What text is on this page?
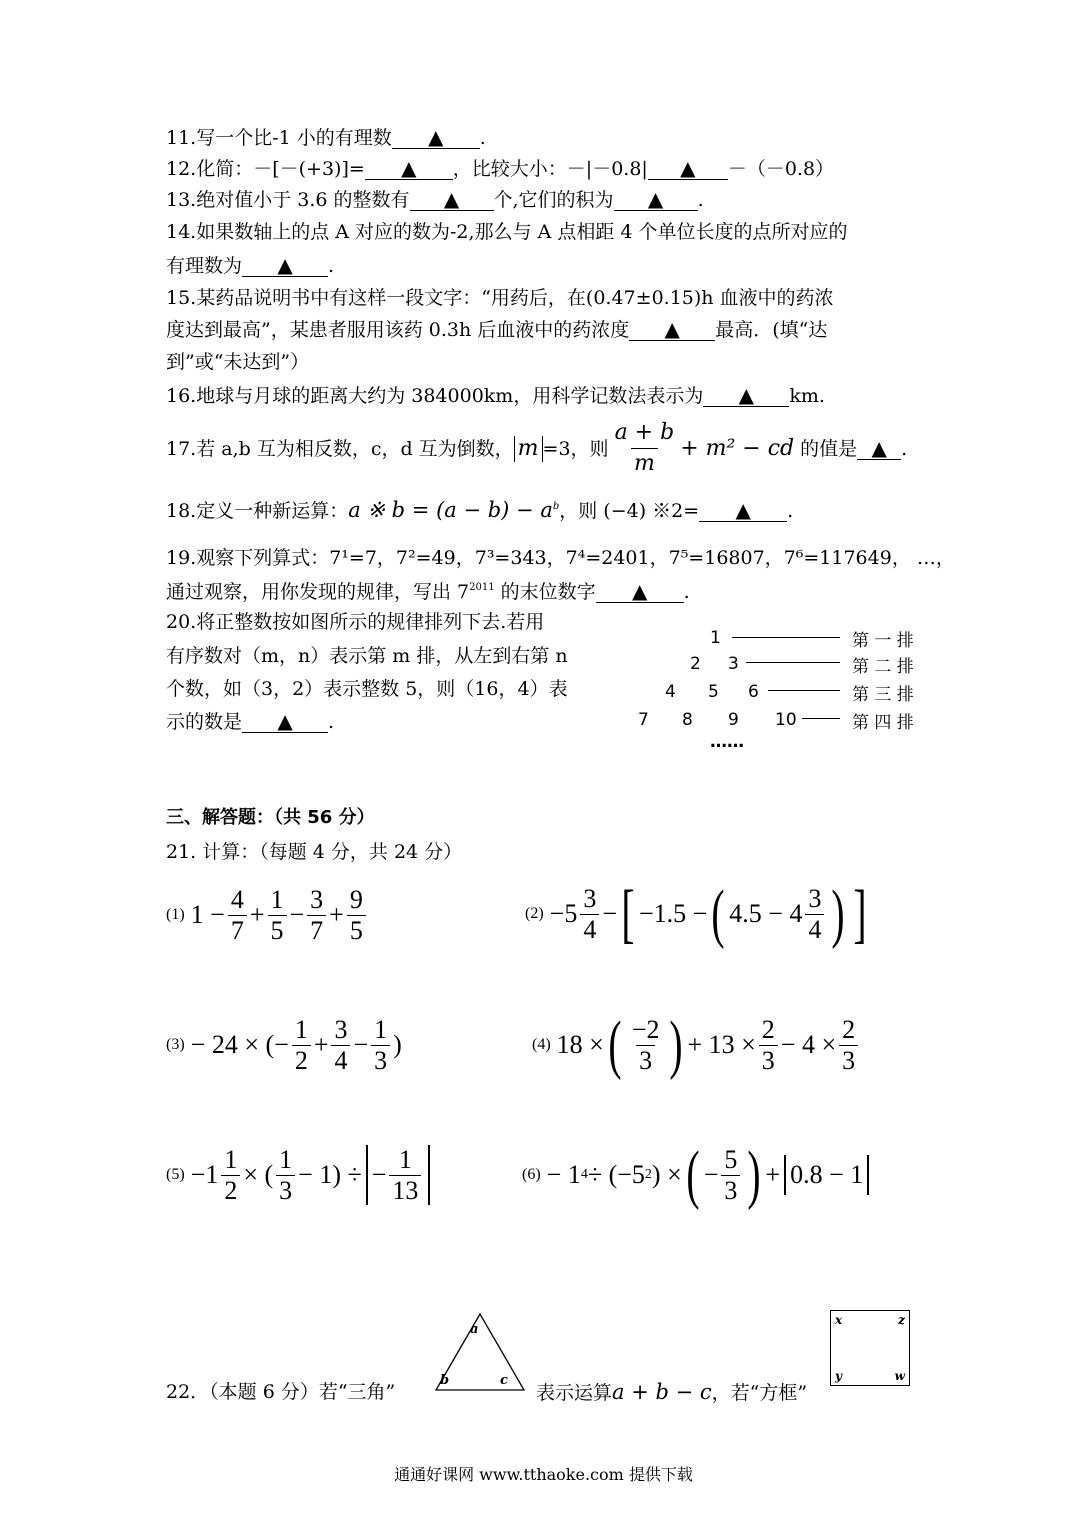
11.写一个比-1 小的有理数 ▲ .
12.化简：－[－(+3)]= ▲ ，比较大小：－|－0.8| ▲ －（－0.8）
13.绝对值小于 3.6 的整数有 ▲ 个,它们的积为 ▲ .
14.如果数轴上的点 A 对应的数为-2,那么与 A 点相距 4 个单位长度的点所对应的
有理数为 ▲ .
15.某药品说明书中有这样一段文字：“用药后，在(0.47±0.15)h 血液中的药浓
度达到最高”，某患者服用该药 0.3h 后血液中的药浓度 ▲ 最高．(填“达
到”或“未达到”）
16.地球与月球的距离大约为 384000km，用科学记数法表示为 ▲ km.
17.若 a,b 互为相反数，c，d 互为倒数， m =3，则 $\frac{a + b}{m} + m^2$ − cd 的值是 ▲ .
18.定义一种新运算：a ※ $b = (a - b) - a^b$，则 (−4) ※2= ▲ .
19.观察下列算式：7¹=7，7²=49，7³=343，7⁴=2401，7⁵=16807，7⁶=117649， …，
通过观察，用你发现的规律，写出 $7^{2011}$ 的末位数字 ▲ .
20.将正整数按如图所示的规律排列下去.若用
有序数对（m，n）表示第 m 排，从左到右第 n
个数，如（3，2）表示整数 5，则（16，4）表
示的数是 ▲ .
1
2 3
4 5 6
7 8 9 10
第 一 排
第 二 排
第 三 排
第 四 排
……
三、解答题：（共 56 分）
21. 计算：（每题 4 分，共 24 分）
(1) $1 - \frac{4}{7} + \frac{1}{5} - \frac{3}{7} + \frac{9}{5}$	$(2) -5 \frac{3}{4}$ − [ −1.5 − ( $4.5 - 4 \frac{3}{4}$ ) ]
(3) − 24 × (− $\frac{1}{2} + \frac{3}{4} - \frac{1}{3}$ )	(4) 18 × ( $\frac{-2}{3}$ ) + $13 \times \frac{2}{3} - 4 \times \frac{2}{3}$
$(5) -1 \frac{1}{2}$ × ( $\frac{1}{3} - 1$) ÷ − $\frac{1}{13}$	(6) − 1 4 ÷ (−5 2 ) × ( − $\frac{5}{3}$ ) + 0.8 − 1
22．（本题 6 分）若“三角”
a
b	c
表示运算a + b − c，若“方框”
x	z
y	w
通通好课网 www.tthaoke.com 提供下载
